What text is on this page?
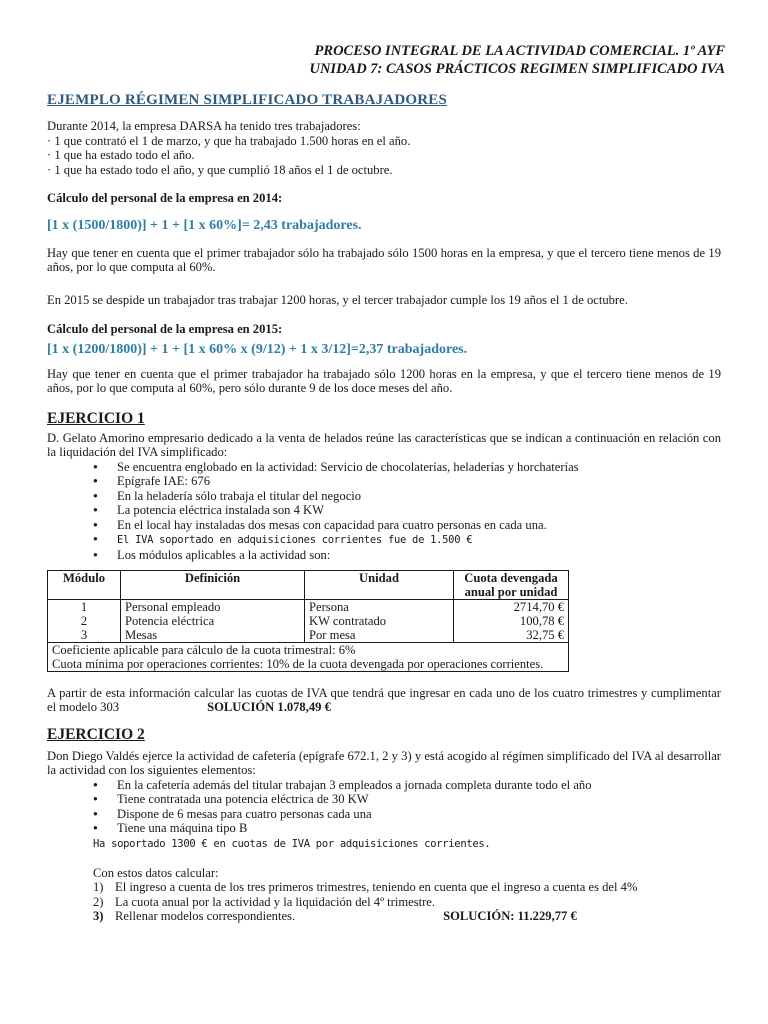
PROCESO INTEGRAL DE LA ACTIVIDAD COMERCIAL. 1º AYF
UNIDAD 7: CASOS PRÁCTICOS REGIMEN SIMPLIFICADO IVA
EJEMPLO RÉGIMEN SIMPLIFICADO TRABAJADORES

Durante 2014, la empresa DARSA ha tenido tres trabajadores:

· 1 que contrató el 1 de marzo, y que ha trabajado 1.500 horas en el año.

· 1 que ha estado todo el año.

· 1 que ha estado todo el año, y que cumplió 18 años el 1 de octubre.

Cálculo del personal de la empresa en 2014:

[1 x (1500/1800)] + 1 + [1 x 60%]= 2,43 trabajadores.

Hay que tener en cuenta que el primer trabajador sólo ha trabajado sólo 1500 horas en la empresa, y que el tercero tiene menos de 19 años, por lo que computa al 60%.

En 2015 se despide un trabajador tras trabajar 1200 horas, y el tercer trabajador cumple los 19 años el 1 de octubre.

Cálculo del personal de la empresa en 2015:

[1 x (1200/1800)] + 1 + [1 x 60% x (9/12) + 1 x 3/12]=2,37 trabajadores.

Hay que tener en cuenta que el primer trabajador ha trabajado sólo 1200 horas en la empresa, y que el tercero tiene menos de 19 años, por lo que computa al 60%, pero sólo durante 9 de los doce meses del año.

EJERCICIO 1

D. Gelato Amorino empresario dedicado a la venta de helados reúne las características que se indican a continuación en relación con la liquidación del IVA simplificado:

● Se encuentra englobado en la actividad: Servicio de chocolaterías, heladerías y horchaterías
● Epígrafe IAE: 676
● En la heladería sólo trabaja el titular del negocio
● La potencia eléctrica instalada son 4 KW
● En el local hay instaladas dos mesas con capacidad para cuatro personas en cada una.
● El IVA soportado en adquisiciones corrientes fue de 1.500 €
● Los módulos aplicables a la actividad son:
Módulo	Definición	Unidad	Cuota devengada anual por unidad
1	Personal empleado	Persona	2714,70 €
2	Potencia eléctrica	KW contratado	100,78 €
3	Mesas	Por mesa	32,75 €

Coeficiente aplicable para cálculo de la cuota trimestral: 6%
Cuota mínima por operaciones corrientes: 10% de la cuota devengada por operaciones corrientes.			

A partir de esta información calcular las cuotas de IVA que tendrá que ingresar en cada uno de los cuatro trimestres y cumplimentar el modelo 303	SOLUCIÓN 1.078,49 €

EJERCICIO 2

Don Diego Valdés ejerce la actividad de cafetería (epígrafe 672.1, 2 y 3) y está acogido al régimen simplificado del IVA al desarrollar la actividad con los siguientes elementos:

● En la cafetería además del titular trabajan 3 empleados a jornada completa durante todo el año
● Tiene contratada una potencia eléctrica de 30 KW
● Dispone de 6 mesas para cuatro personas cada una
● Tiene una máquina tipo B

Ha soportado 1300 € en cuotas de IVA por adquisiciones corrientes.

Con estos datos calcular:

1) El ingreso a cuenta de los tres primeros trimestres, teniendo en cuenta que el ingreso a cuenta es del 4%
2) La cuota anual por la actividad y la liquidación del 4º trimestre.
3) Rellenar modelos correspondientes.	SOLUCIÓN: 11.229,77 €
